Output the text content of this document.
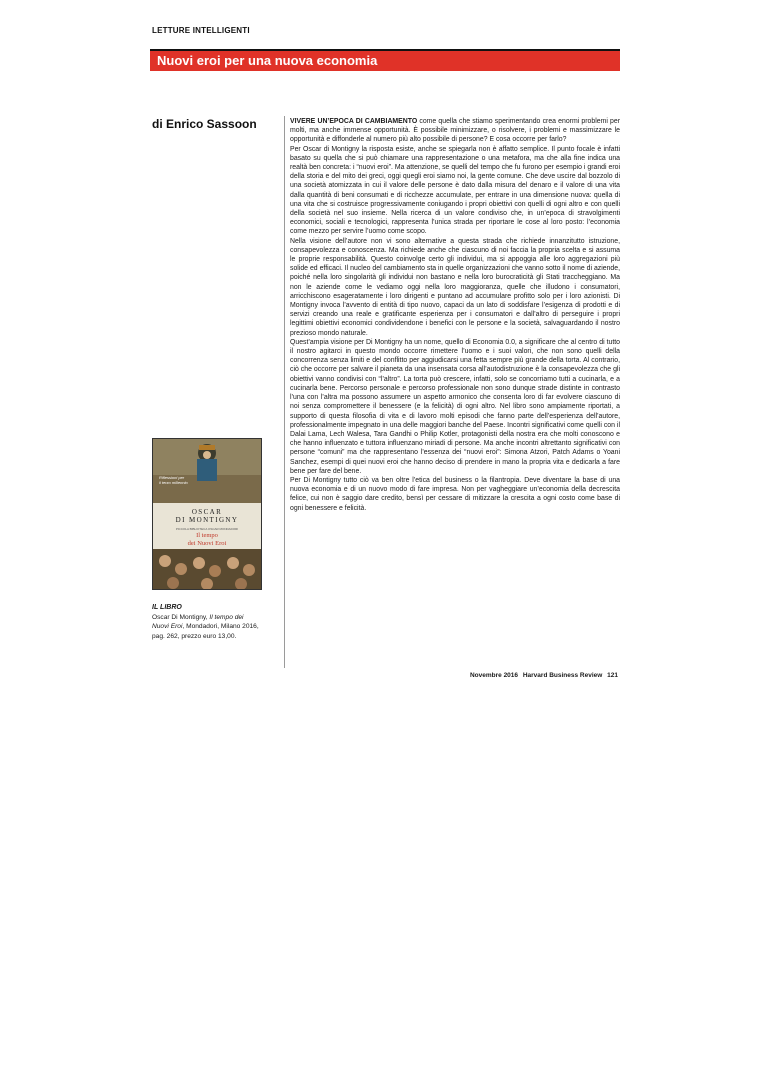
LETTURE INTELLIGENTI
Nuovi eroi per una nuova economia
di Enrico Sassoon	VIVERE UN’EPOCA DI CAMBIAMENTO come quella che stiamo sperimentando crea enormi problemi per molti, ma anche immense opportunità. È possibile minimizzare, o risolvere, i problemi e massimizzare le opportunità e diffonderle al numero più alto possibile di persone? E cosa occorre per farlo?

Per Oscar di Montigny la risposta esiste, anche se spiegarla non è affatto semplice. Il punto focale è infatti basato su quella che si può chiamare una rappresentazione o una metafora, ma che alla fine indica una realtà ben concreta: i “nuovi eroi”. Ma attenzione, se quelli del tempo che fu furono per esempio i grandi eroi della storia e del mito dei greci, oggi quegli eroi siamo noi, la gente comune. Che deve uscire dal bozzolo di una società atomizzata in cui il valore delle persone è dato dalla misura del denaro e il valore di una vita dalla quantità di beni consumati e di ricchezze accumulate, per entrare in una dimensione nuova: quella di una vita che si costruisce progressivamente coniugando i propri obiettivi con quelli di ogni altro e con quelli della società nel suo insieme. Nella ricerca di un valore condiviso che, in un’epoca di stravolgimenti economici, sociali e tecnologici, rappresenta l’unica strada per riportare le cose al loro posto: l’economia come mezzo per servire l’uomo come scopo.

Nella visione dell’autore non vi sono alternative a questa strada che richiede innanzitutto istruzione, consapevolezza e conoscenza. Ma richiede anche che ciascuno di noi faccia la propria scelta e si assuma le proprie responsabilità. Questo coinvolge certo gli individui, ma si appoggia alle loro aggregazioni più solide ed efficaci. Il nucleo del cambiamento sta in quelle organizzazioni che vanno sotto il nome di aziende, poiché nella loro singolarità gli individui non bastano e nella loro burocraticità gli Stati traccheggiano. Ma non le aziende come le vediamo oggi nella loro maggioranza, quelle che illudono i consumatori, arricchiscono esageratamente i loro dirigenti e puntano ad accumulare profitto solo per i loro azionisti. Di Montigny invoca l’avvento di entità di tipo nuovo, capaci da un lato di soddisfare l’esigenza di prodotti e di servizi creando una reale e gratificante esperienza per i consumatori e dall’altro di perseguire i propri legittimi obiettivi economici condividendone i benefici con le persone e la società, salvaguardando il nostro prezioso mondo naturale.

Quest’ampia visione per Di Montigny ha un nome, quello di Economia 0.0, a significare che al centro di tutto il nostro agitarci in questo mondo occorre rimettere l’uomo e i suoi valori, che non sono quelli della concorrenza senza limiti e del conflitto per aggiudicarsi una fetta sempre più grande della torta. Al contrario, ciò che occorre per salvare il pianeta da una insensata corsa all’autodistruzione è la consapevolezza che gli obiettivi vanno condivisi con “l’altro”. La torta può crescere, infatti, solo se concorriamo tutti a cucinarla, e a cucinarla bene. Percorso personale e percorso professionale non sono dunque strade distinte in contrasto l’una con l’altra ma possono assumere un aspetto armonico che consenta loro di far evolvere ciascuno di noi senza compromettere il benessere (e la felicità) di ogni altro. Nel libro sono ampiamente riportati, a supporto di questa filosofia di vita e di lavoro molti episodi che fanno parte dell’esperienza dell’autore, professionalmente impegnato in una delle maggiori banche del Paese. Incontri significativi come quelli con il Dalai Lama, Lech Walesa, Tara Gandhi o Philip Kotler, protagonisti della nostra era che molti conoscono e che hanno influenzato e tuttora influenzano miriadi di persone. Ma anche incontri altrettanto significativi con persone “comuni” ma che rappresentano l’essenza dei “nuovi eroi”: Simona Atzori, Patch Adams o Yoani Sanchez, esempi di quei nuovi eroi che hanno deciso di prendere in mano la propria vita e dedicarla a fare bene per fare del bene.

Per Di Montigny tutto ciò va ben oltre l’etica del business o la filantropia. Deve diventare la base di una nuova economia e di un nuovo modo di fare impresa. Non per vagheggiare un’economia della decrescita felice, cui non è saggio dare credito, bensì per cessare di mitizzare la crescita a ogni costo come base di ogni benessere e felicità.

Riflessioni per
il terzo millennio
OSCAR
DI MONTIGNY
PICCOLA BIBLIOTECA OSCAR MONDADORI
Il tempo
dei Nuovi Eroi
IL LIBRO
Oscar Di Montigny, Il tempo dei Nuovi Eroi, Mondadori, Milano 2016, pag. 262, prezzo euro 13,00.
Novembre 2016 Harvard Business Review 121
